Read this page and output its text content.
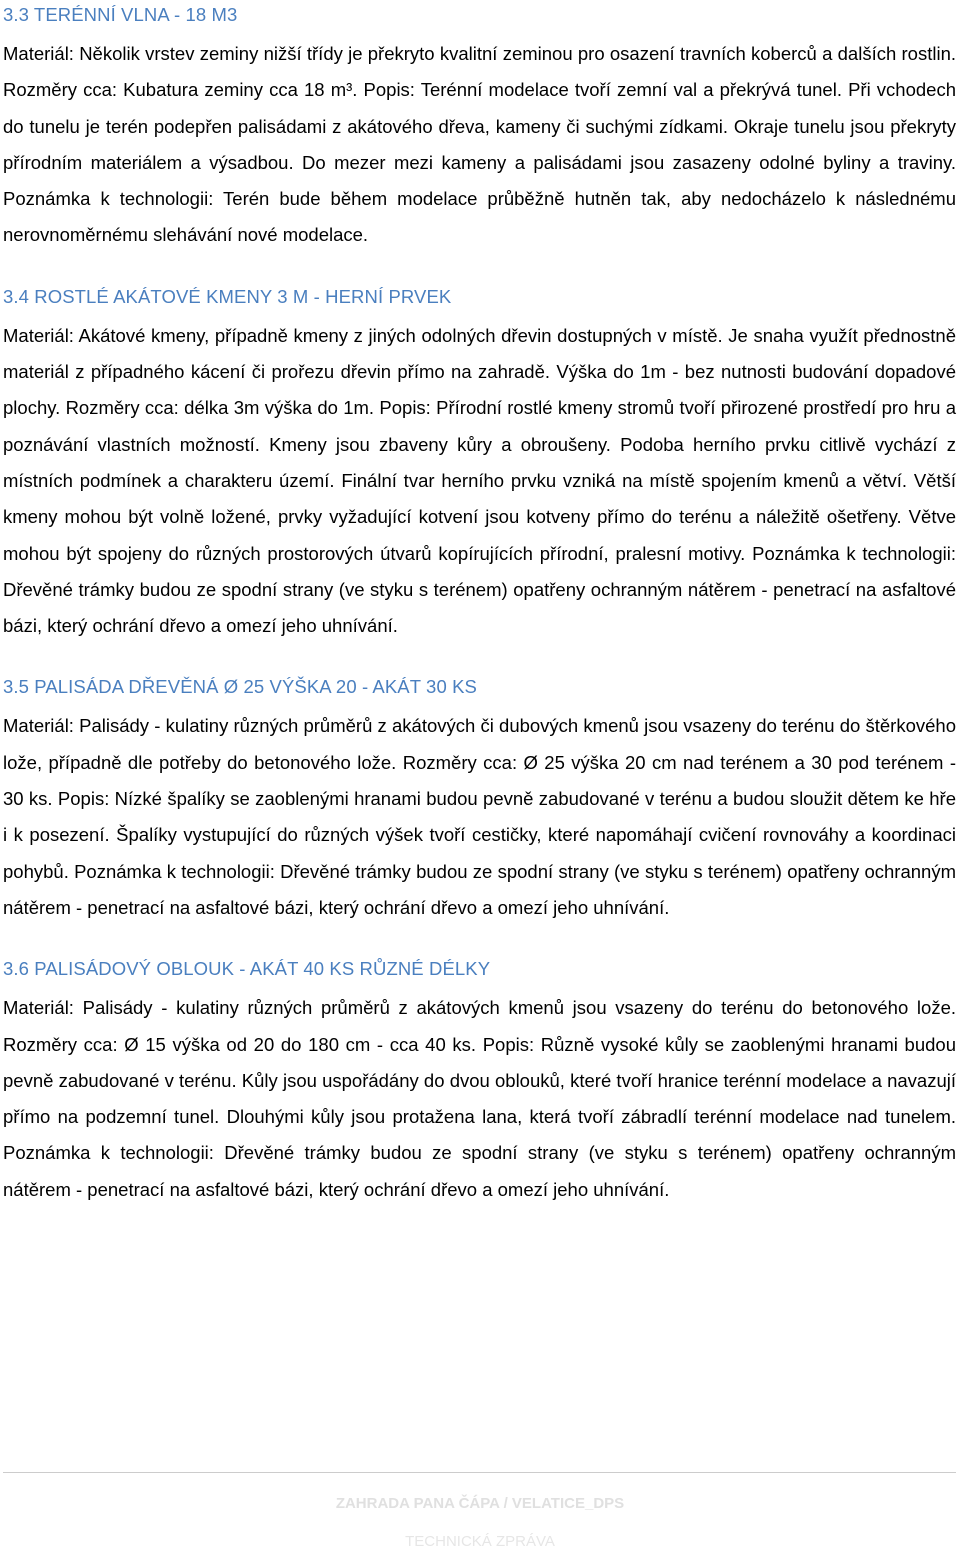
3.3 TERÉNNÍ VLNA - 18 M3

Materiál: Několik vrstev zeminy nižší třídy je překryto kvalitní zeminou pro osazení travních koberců a dalších rostlin. Rozměry cca: Kubatura zeminy cca 18 m³. Popis: Terénní modelace tvoří zemní val a překrývá tunel. Při vchodech do tunelu je terén podepřen palisádami z akátového dřeva, kameny či suchými zídkami. Okraje tunelu jsou překryty přírodním materiálem a výsadbou. Do mezer mezi kameny a palisádami jsou zasazeny odolné byliny a traviny. Poznámka k technologii: Terén bude během modelace průběžně hutněn tak, aby nedocházelo k následnému nerovnoměrnému slehávání nové modelace.

3.4 ROSTLÉ AKÁTOVÉ KMENY 3 M - HERNÍ PRVEK

Materiál: Akátové kmeny, případně kmeny z jiných odolných dřevin dostupných v místě. Je snaha využít přednostně materiál z případného kácení či prořezu dřevin přímo na zahradě. Výška do 1m - bez nutnosti budování dopadové plochy. Rozměry cca: délka 3m výška do 1m. Popis: Přírodní rostlé kmeny stromů tvoří přirozené prostředí pro hru a poznávání vlastních možností. Kmeny jsou zbaveny kůry a obroušeny. Podoba herního prvku citlivě vychází z místních podmínek a charakteru území. Finální tvar herního prvku vzniká na místě spojením kmenů a větví. Větší kmeny mohou být volně ložené, prvky vyžadující kotvení jsou kotveny přímo do terénu a náležitě ošetřeny. Větve mohou být spojeny do různých prostorových útvarů kopírujících přírodní, pralesní motivy. Poznámka k technologii: Dřevěné trámky budou ze spodní strany (ve styku s terénem) opatřeny ochranným nátěrem - penetrací na asfaltové bázi, který ochrání dřevo a omezí jeho uhnívání.

3.5 PALISÁDA DŘEVĚNÁ Ø 25 VÝŠKA 20 - AKÁT 30 KS

Materiál: Palisády - kulatiny různých průměrů z akátových či dubových kmenů jsou vsazeny do terénu do štěrkového lože, případně dle potřeby do betonového lože. Rozměry cca: Ø 25 výška 20 cm nad terénem a 30 pod terénem - 30 ks. Popis: Nízké špalíky se zaoblenými hranami budou pevně zabudované v terénu a budou sloužit dětem ke hře i k posezení. Špalíky vystupující do různých výšek tvoří cestičky, které napomáhají cvičení rovnováhy a koordinaci pohybů. Poznámka k technologii: Dřevěné trámky budou ze spodní strany (ve styku s terénem) opatřeny ochranným nátěrem - penetrací na asfaltové bázi, který ochrání dřevo a omezí jeho uhnívání.

3.6 PALISÁDOVÝ OBLOUK - AKÁT 40 KS RŮZNÉ DÉLKY

Materiál: Palisády - kulatiny různých průměrů z akátových kmenů jsou vsazeny do terénu do betonového lože. Rozměry cca: Ø 15 výška od 20 do 180 cm - cca 40 ks. Popis: Různě vysoké kůly se zaoblenými hranami budou pevně zabudované v terénu. Kůly jsou uspořádány do dvou oblouků, které tvoří hranice terénní modelace a navazují přímo na podzemní tunel. Dlouhými kůly jsou protažena lana, která tvoří zábradlí terénní modelace nad tunelem. Poznámka k technologii: Dřevěné trámky budou ze spodní strany (ve styku s terénem) opatřeny ochranným nátěrem - penetrací na asfaltové bázi, který ochrání dřevo a omezí jeho uhnívání.

ZAHRADA PANA ČÁPA / VELATICE_DPS
TECHNICKÁ ZPRÁVA
